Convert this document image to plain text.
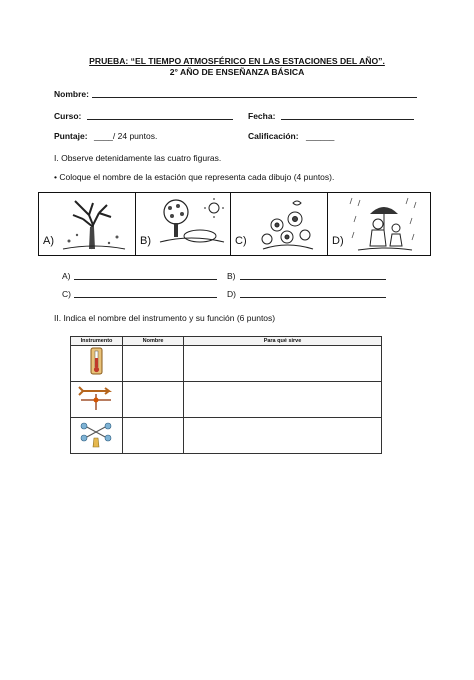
PRUEBA: “EL TIEMPO ATMOSFÉRICO EN LAS ESTACIONES DEL AÑO”.
2° AÑO DE ENSEÑANZA BÁSICA
Nombre:
Curso:	Fecha:
Puntaje: ____/ 24 puntos.	Calificación: ______
I. Observe detenidamente las cuatro figuras.
• Coloque el nombre de la estación que representa cada dibujo (4 puntos).
A)	B)	C)	D)
A)	B)
C)	D)
II. Indica el nombre del instrumento y su función (6 puntos)
Instrumento	Nombre	Para qué sirve
